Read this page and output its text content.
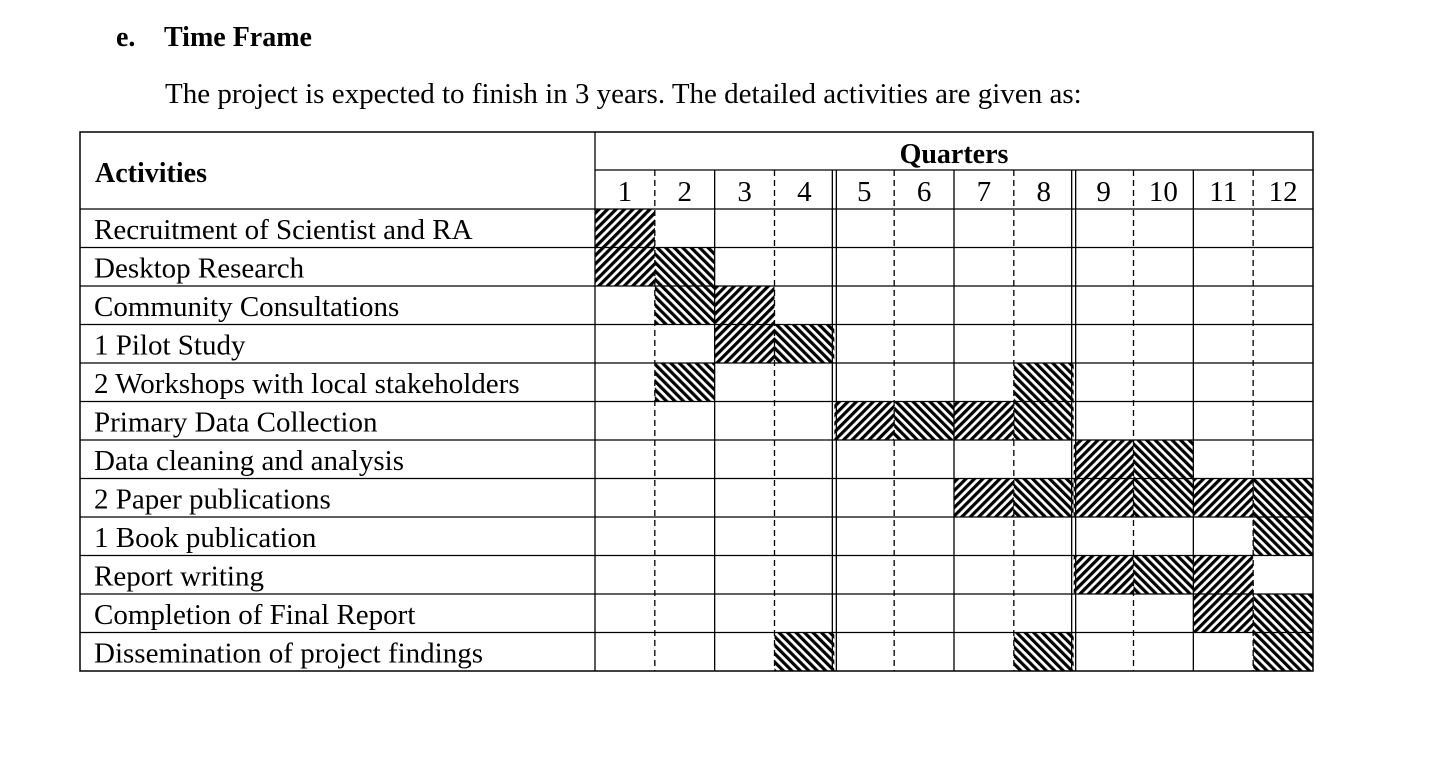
e. Time Frame
The project is expected to finish in 3 years. The detailed activities are given as:
Activities
Quarters
1 2 3 4 5 6 7 8 9 10 11 12
Recruitment of Scientist and RA
Desktop Research
Community Consultations
1 Pilot Study
2 Workshops with local stakeholders
Primary Data Collection
Data cleaning and analysis
2 Paper publications
1 Book publication
Report writing
Completion of Final Report
Dissemination of project findings
